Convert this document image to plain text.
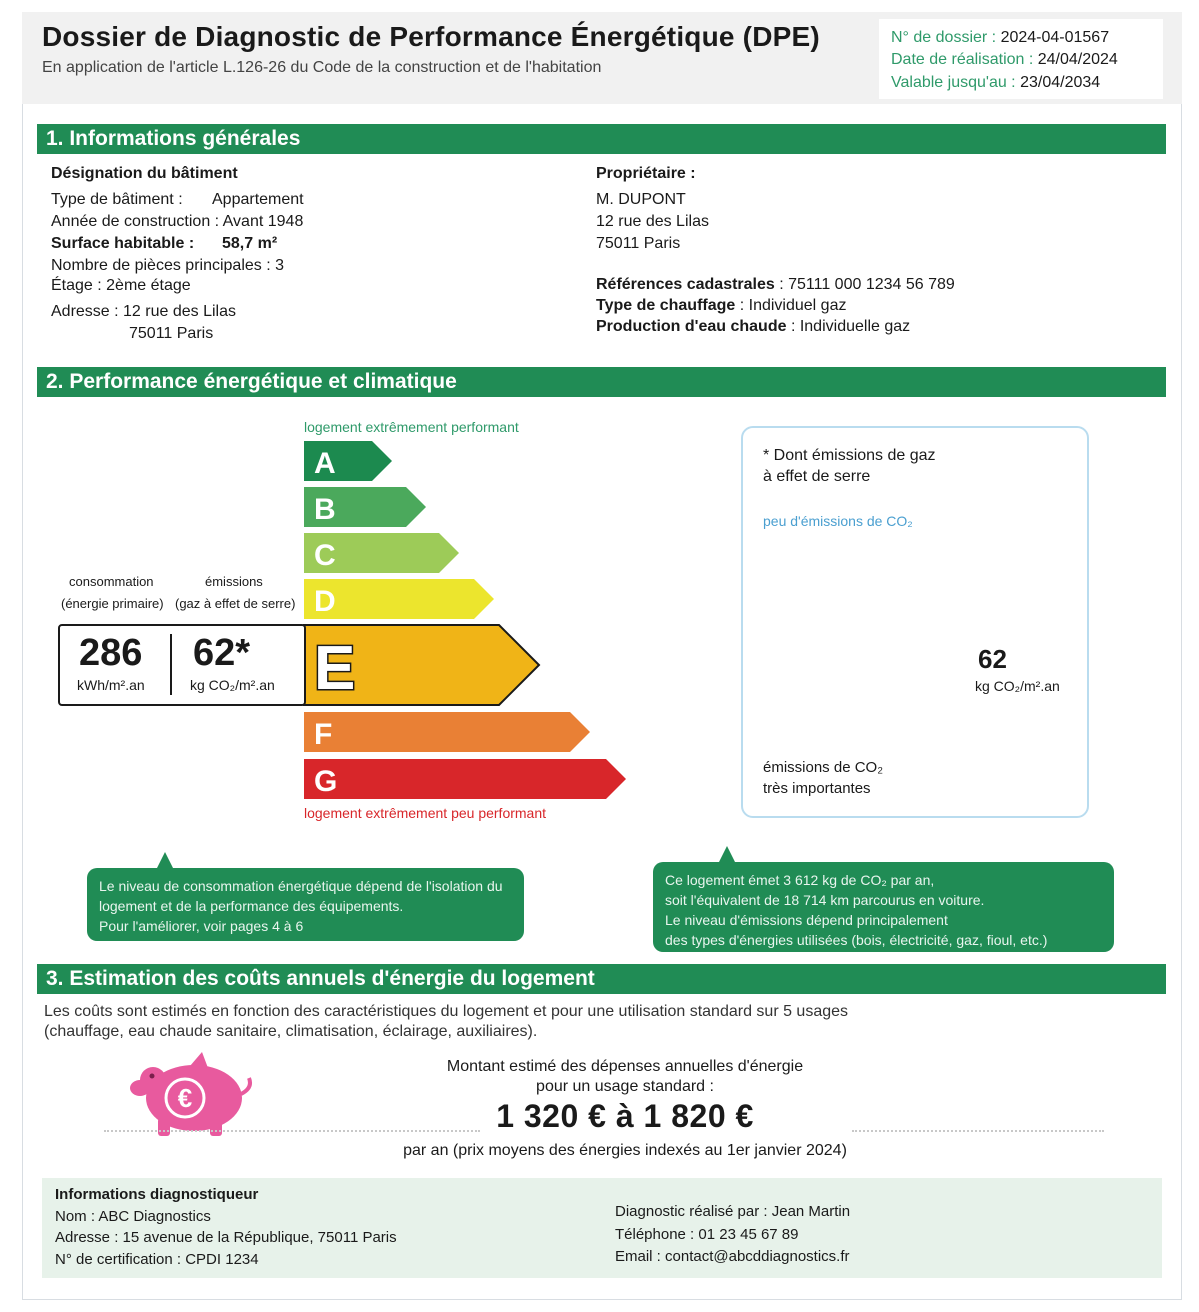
Dossier de Diagnostic de Performance Énergétique (DPE)
En application de l'article L.126-26 du Code de la construction et de l'habitation
N° de dossier : 2024-04-01567
Date de réalisation : 24/04/2024
Valable jusqu'au : 23/04/2034
1. Informations générales
Désignation du bâtiment
Type de bâtiment : Appartement
Année de construction : Avant 1948
Surface habitable : 58,7 m²
Nombre de pièces principales : 3
Étage : 2ème étage
Adresse : 12 rue des Lilas
75011 Paris
Propriétaire :
M. DUPONT
12 rue des Lilas
75011 Paris
Références cadastrales : 75111 000 1234 56 789
Type de chauffage : Individuel gaz
Production d'eau chaude : Individuelle gaz
2. Performance énergétique et climatique
logement extrêmement performant
logement extrêmement peu performant
A
B
C
D
E
F
G
consommation
(énergie primaire)
émissions
(gaz à effet de serre)
286
kWh/m².an
62*
kg CO₂/m².an
* Dont émissions de gaz
à effet de serre
peu d'émissions de CO₂
émissions de CO₂
très importantes
62
kg CO₂/m².an
Le niveau de consommation énergétique dépend de l'isolation du
logement et de la performance des équipements.
Pour l'améliorer, voir pages 4 à 6
Ce logement émet 3 612 kg de CO₂ par an,
soit l'équivalent de 18 714 km parcourus en voiture.
Le niveau d'émissions dépend principalement
des types d'énergies utilisées (bois, électricité, gaz, fioul, etc.)
3. Estimation des coûts annuels d'énergie du logement
Les coûts sont estimés en fonction des caractéristiques du logement et pour une utilisation standard sur 5 usages
(chauffage, eau chaude sanitaire, climatisation, éclairage, auxiliaires).
€
Montant estimé des dépenses annuelles d'énergie
pour un usage standard :
1 320 € à 1 820 €
par an (prix moyens des énergies indexés au 1er janvier 2024)
Informations diagnostiqueur
Nom : ABC Diagnostics
Adresse : 15 avenue de la République, 75011 Paris
N° de certification : CPDI 1234
Diagnostic réalisé par : Jean Martin
Téléphone : 01 23 45 67 89
Email : contact@abcddiagnostics.fr
